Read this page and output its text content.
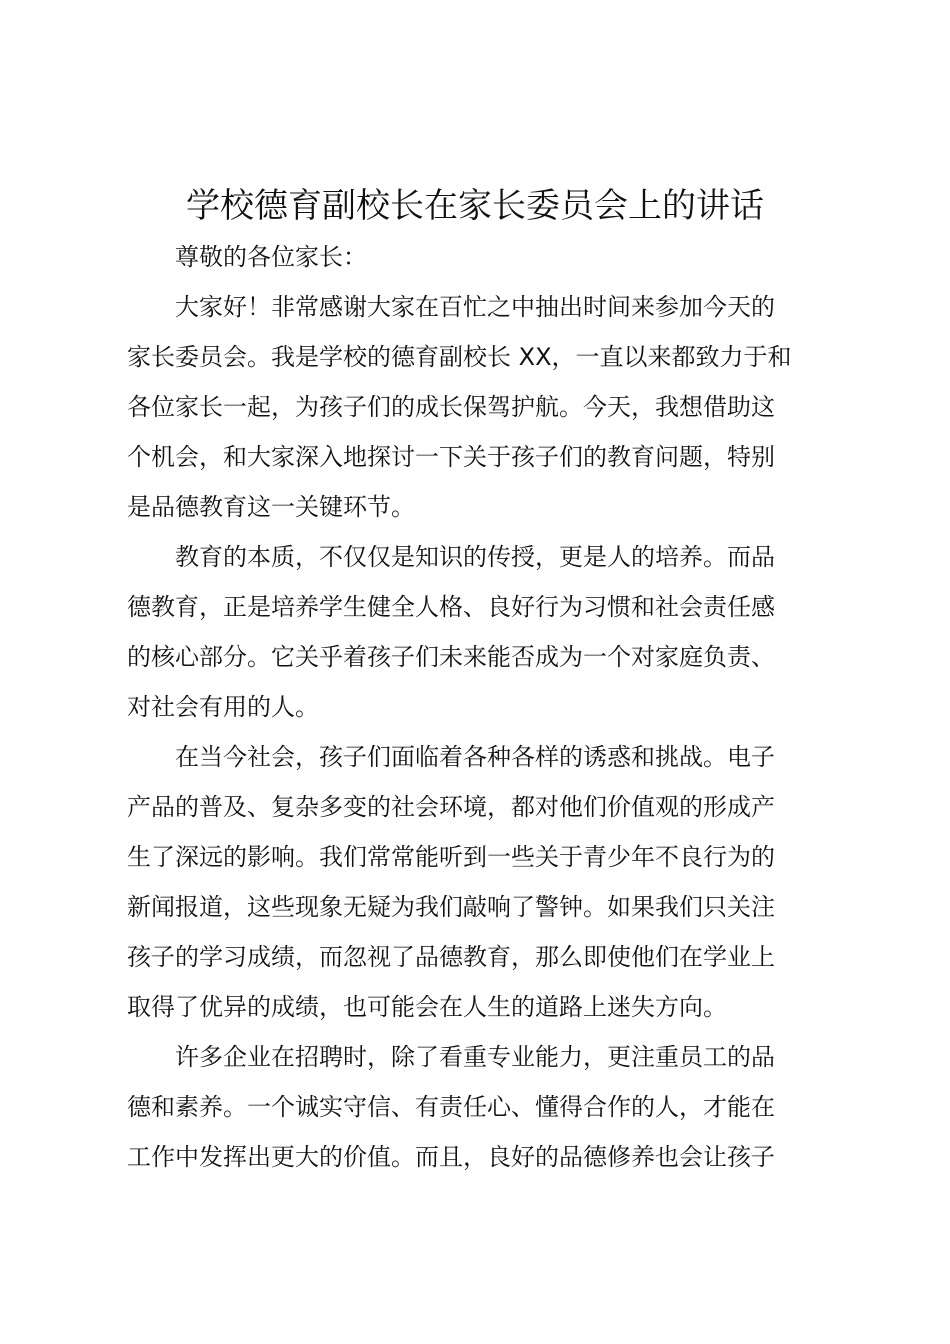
学校德育副校长在家长委员会上的讲话
尊敬的各位家长：
大家好！非常感谢大家在百忙之中抽出时间来参加今天的
家长委员会。我是学校的德育副校长 XX，一直以来都致力于和
各位家长一起，为孩子们的成长保驾护航。今天，我想借助这
个机会，和大家深入地探讨一下关于孩子们的教育问题，特别
是品德教育这一关键环节。
教育的本质，不仅仅是知识的传授，更是人的培养。而品
德教育，正是培养学生健全人格、良好行为习惯和社会责任感
的核心部分。它关乎着孩子们未来能否成为一个对家庭负责、
对社会有用的人。
在当今社会，孩子们面临着各种各样的诱惑和挑战。电子
产品的普及、复杂多变的社会环境，都对他们价值观的形成产
生了深远的影响。我们常常能听到一些关于青少年不良行为的
新闻报道，这些现象无疑为我们敲响了警钟。如果我们只关注
孩子的学习成绩，而忽视了品德教育，那么即使他们在学业上
取得了优异的成绩，也可能会在人生的道路上迷失方向。
许多企业在招聘时，除了看重专业能力，更注重员工的品
德和素养。一个诚实守信、有责任心、懂得合作的人，才能在
工作中发挥出更大的价值。而且，良好的品德修养也会让孩子
